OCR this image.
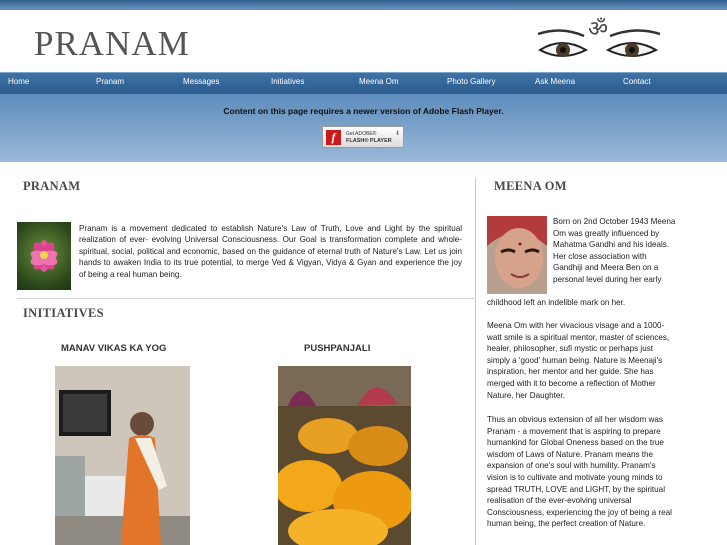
PRANAM	ॐ
Home	Pranam	Messages	Initiatives	Meena Om	Photo Gallery	Ask Meena	Contact
Content on this page requires a newer version of Adobe Flash Player.
f	Get ADOBE®
FLASH® PLAYER
⬇
PRANAM
Pranam is a movement dedicated to establish Nature's Law of Truth, Love and Light by the spiritual realization of ever- evolving Universal Consciousness. Our Goal is transformation complete and whole- spiritual, social, political and economic, based on the guidance of eternal truth of Nature's Law. Let us join hands to awaken India to its true potential, to merge Ved & Vigyan, Vidya & Gyan and experience the joy of being a real human being.
INITIATIVES
MANAV VIKAS KA YOG	PUSHPANJALI
MEENA OM
Born on 2nd October 1943 Meena Om was greatly influenced by Mahatma Gandhi and his ideals. Her close association with Gandhiji and Meera Ben on a personal level during her early
childhood left an indelible mark on her.
Meena Om with her vivacious visage and a 1000-watt smile is a spiritual mentor, master of sciences, healer, philosopher, sufi mystic or perhaps just simply a 'good' human being. Nature is Meenaji's inspiration, her mentor and her guide. She has merged with it to become a reflection of Mother Nature, her Daughter.
Thus an obvious extension of all her wisdom was Pranam - a movement that is aspiring to prepare humankind for Global Oneness based on the true wisdom of Laws of Nature. Pranam means the expansion of one's soul with humility. Pranam's vision is to cultivate and motivate young minds to spread TRUTH, LOVE and LIGHT, by the spiritual realisation of the ever-evolving universal Consciousness, experiencing the joy of being a real human being, the perfect creation of Nature.
